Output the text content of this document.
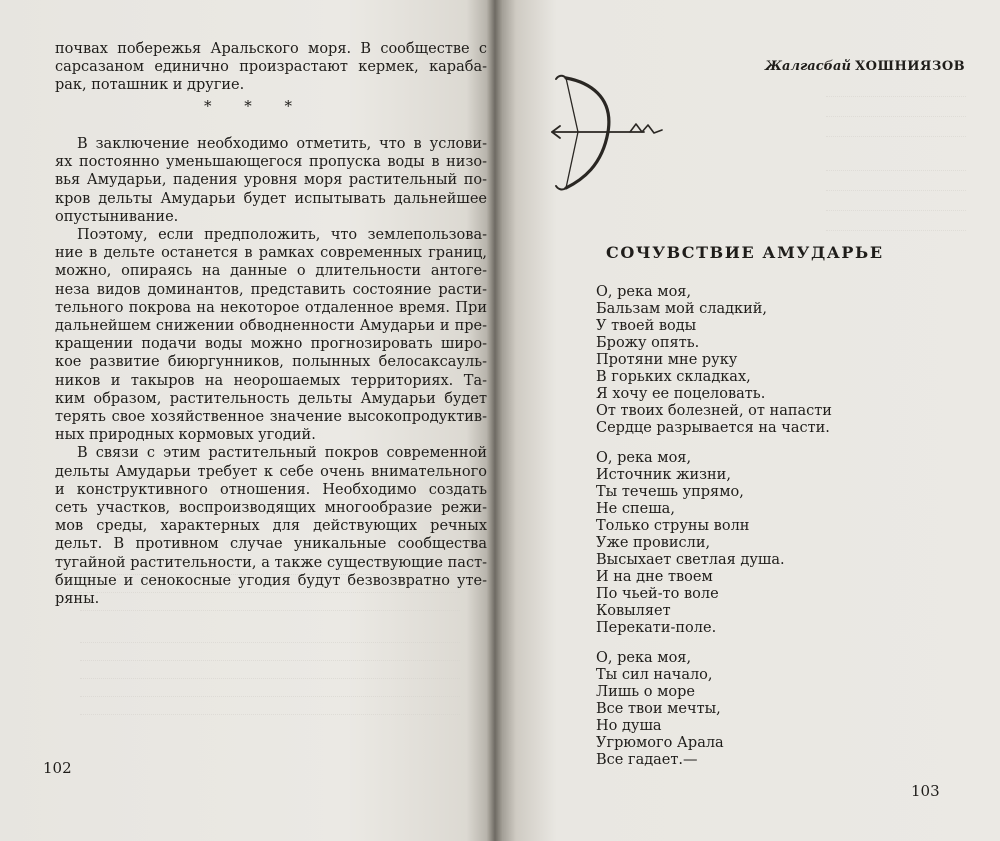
почвах побережья Аральского моря. В сообществе с

сарсазаном единично произрастают кермек, караба-

рак, поташник и другие.

* * *

В заключение необходимо отметить, что в услови-

ях постоянно уменьшающегося пропуска воды в низо-

вья Амударьи, падения уровня моря растительный по-

кров дельты Амударьи будет испытывать дальнейшее

опустынивание.

Поэтому, если предположить, что землепользова-

ние в дельте останется в рамках современных границ,

можно, опираясь на данные о длительности антоге-

неза видов доминантов, представить состояние расти-

тельного покрова на некоторое отдаленное время. При

дальнейшем снижении обводненности Амударьи и пре-

кращении подачи воды можно прогнозировать широ-

кое развитие биюргунников, полынных белосаксауль-

ников и такыров на неорошаемых территориях. Та-

ким образом, растительность дельты Амударьи будет

терять свое хозяйственное значение высокопродуктив-

ных природных кормовых угодий.

В связи с этим растительный покров современной

дельты Амударьи требует к себе очень внимательного

и конструктивного отношения. Необходимо создать

сеть участков, воспроизводящих многообразие режи-

мов среды, характерных для действующих речных

дельт. В противном случае уникальные сообщества

тугайной растительности, а также существующие паст-

бищные и сенокосные угодия будут безвозвратно уте-

ряны.

102
Жалгасбай ХОШНИЯЗОВ
СОЧУВСТВИЕ АМУДАРЬЕ
О, река моя,
Бальзам мой сладкий,
У твоей воды
Брожу опять.
Протяни мне руку
В горьких складках,
Я хочу ее поцеловать.
От твоих болезней, от напасти
Сердце разрывается на части.
О, река моя,
Источник жизни,
Ты течешь упрямо,
Не спеша,
Только струны волн
Уже провисли,
Высыхает светлая душа.
И на дне твоем
По чьей-то воле
Ковыляет
Перекати-поле.
О, река моя,
Ты сил начало,
Лишь о море
Все твои мечты,
Но душа
Угрюмого Арала
Все гадает.—
103
